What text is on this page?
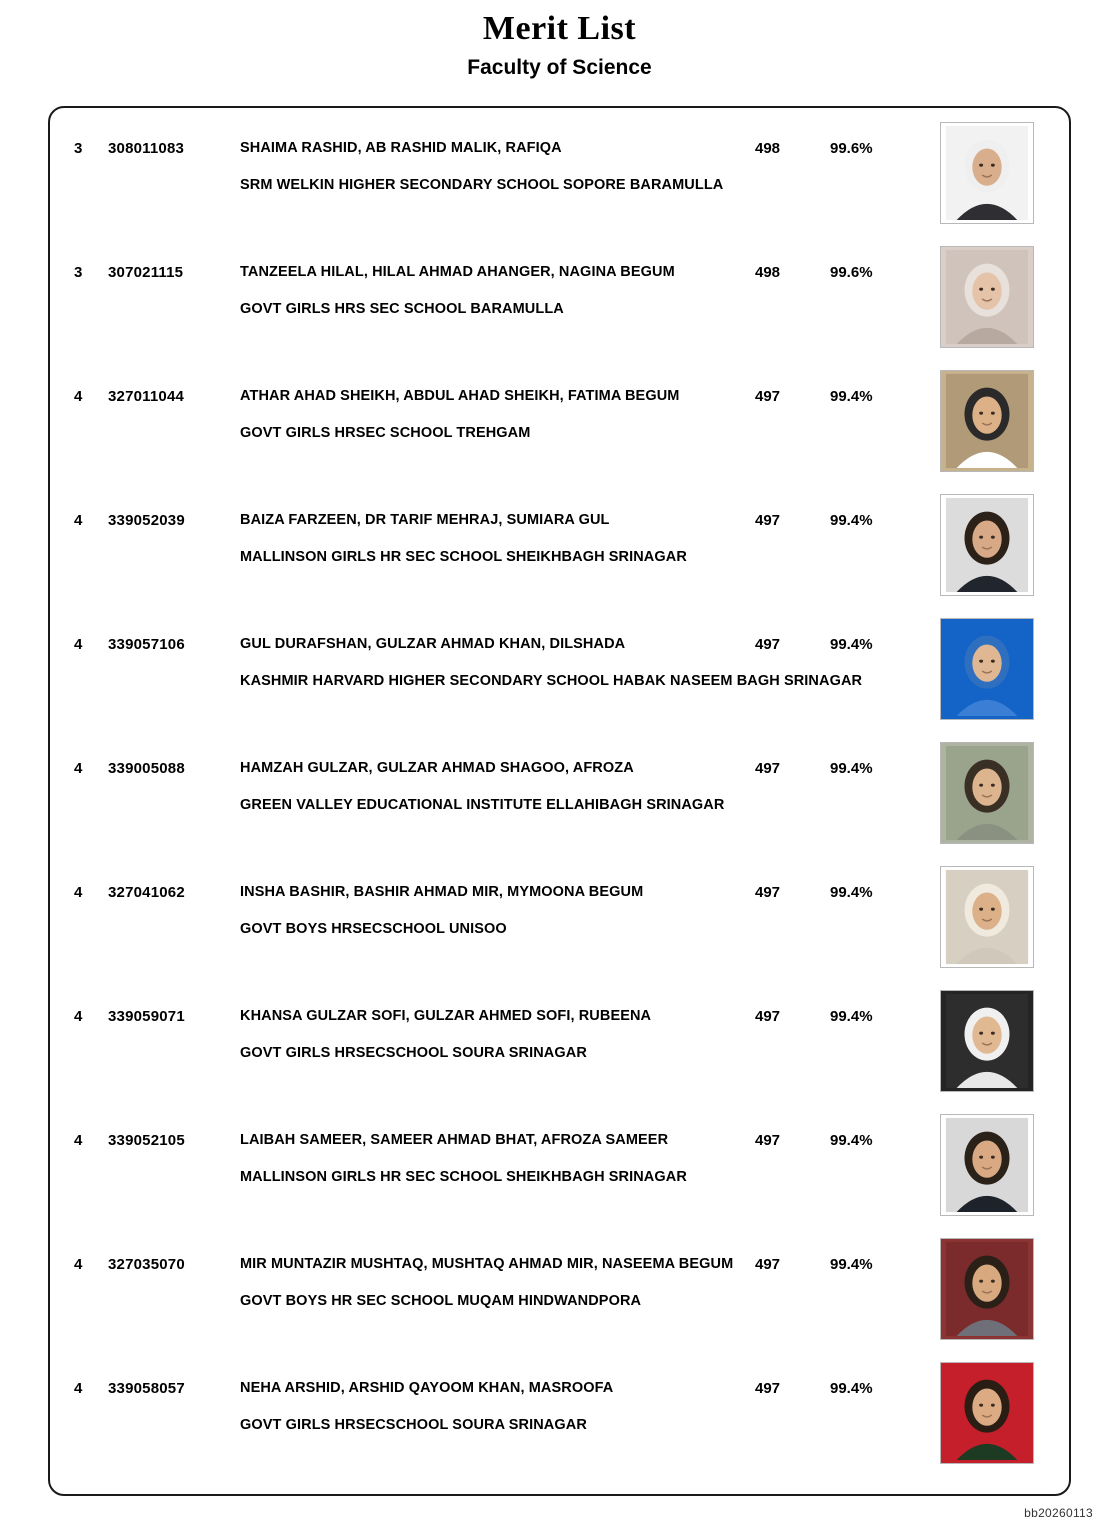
Merit List
Faculty of Science
3	308011083	SHAIMA RASHID, AB RASHID MALIK, RAFIQA
SRM WELKIN HIGHER SECONDARY SCHOOL SOPORE BARAMULLA
498	99.6%
3	307021115	TANZEELA HILAL, HILAL AHMAD AHANGER, NAGINA BEGUM
GOVT GIRLS HRS SEC SCHOOL BARAMULLA
498	99.6%
4	327011044	ATHAR AHAD SHEIKH, ABDUL AHAD SHEIKH, FATIMA BEGUM
GOVT GIRLS HRSEC SCHOOL TREHGAM
497	99.4%
4	339052039	BAIZA FARZEEN, DR TARIF MEHRAJ, SUMIARA GUL
MALLINSON GIRLS HR SEC SCHOOL SHEIKHBAGH SRINAGAR
497	99.4%
4	339057106	GUL DURAFSHAN, GULZAR AHMAD KHAN, DILSHADA
KASHMIR HARVARD HIGHER SECONDARY SCHOOL HABAK NASEEM BAGH SRINAGAR
497	99.4%
4	339005088	HAMZAH GULZAR, GULZAR AHMAD SHAGOO, AFROZA
GREEN VALLEY EDUCATIONAL INSTITUTE ELLAHIBAGH SRINAGAR
497	99.4%
4	327041062	INSHA BASHIR, BASHIR AHMAD MIR, MYMOONA BEGUM
GOVT BOYS HRSECSCHOOL UNISOO
497	99.4%
4	339059071	KHANSA GULZAR SOFI, GULZAR AHMED SOFI, RUBEENA
GOVT GIRLS HRSECSCHOOL SOURA SRINAGAR
497	99.4%
4	339052105	LAIBAH SAMEER, SAMEER AHMAD BHAT, AFROZA SAMEER
MALLINSON GIRLS HR SEC SCHOOL SHEIKHBAGH SRINAGAR
497	99.4%
4	327035070	MIR MUNTAZIR MUSHTAQ, MUSHTAQ AHMAD MIR, NASEEMA BEGUM
GOVT BOYS HR SEC SCHOOL MUQAM HINDWANDPORA
497	99.4%
4	339058057	NEHA ARSHID, ARSHID QAYOOM KHAN, MASROOFA
GOVT GIRLS HRSECSCHOOL SOURA SRINAGAR
497	99.4%
bb20260113
